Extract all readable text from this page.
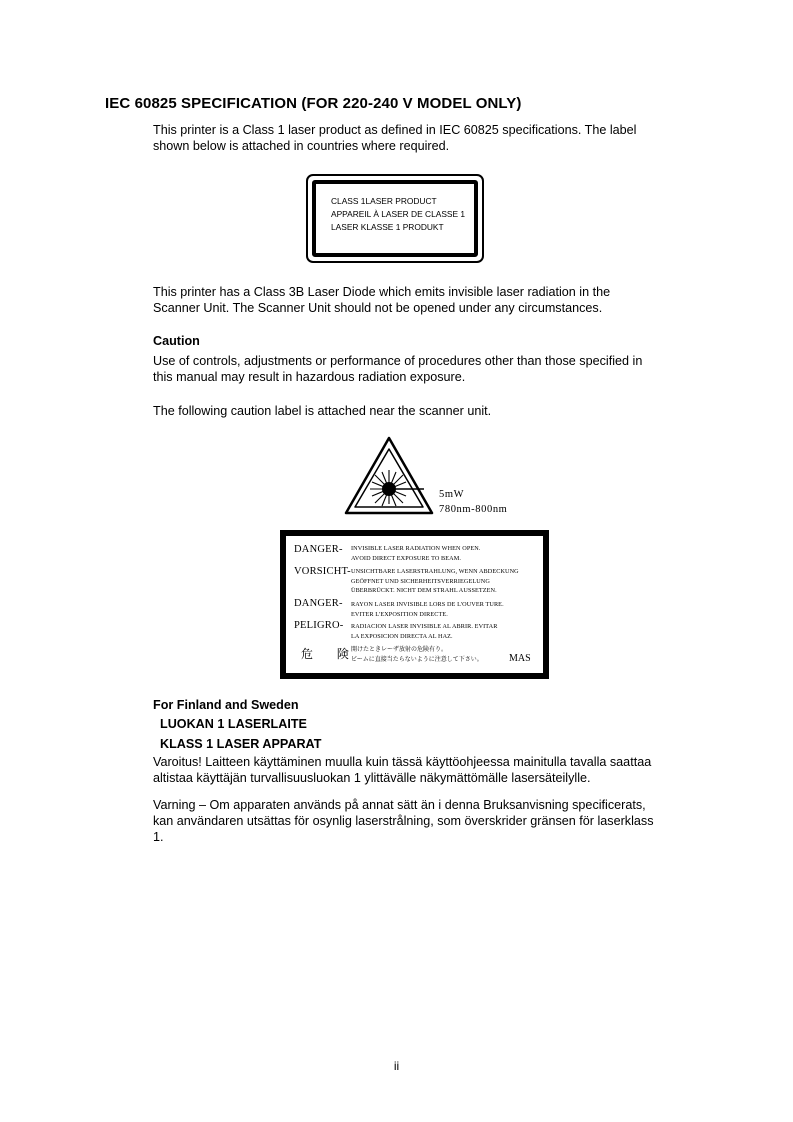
IEC 60825 SPECIFICATION (FOR 220-240 V MODEL ONLY)
This printer is a Class 1 laser product as defined in IEC 60825 specifications. The label
shown below is attached in countries where required.
CLASS 1LASER PRODUCT
APPAREIL À LASER DE CLASSE 1
LASER KLASSE 1 PRODUKT
This printer has a Class 3B Laser Diode which emits invisible laser radiation in the
Scanner Unit. The Scanner Unit should not be opened under any circumstances.
Caution
Use of controls, adjustments or performance of procedures other than those specified in
this manual may result in hazardous radiation exposure.
The following caution label is attached near the scanner unit.
5mW
780nm-800nm
DANGER- INVISIBLE LASER RADIATION WHEN OPEN.
AVOID DIRECT EXPOSURE TO BEAM.
VORSICHT- UNSICHTBARE LASERSTRAHLUNG, WENN ABDECKUNG
GEÖFFNET UND SICHERHEITSVERRIEGELUNG
ÜBERBRÜCKT. NICHT DEM STRAHL AUSSETZEN.
DANGER- RAYON LASER INVISIBLE LORS DE L'OUVER TURE.
EVITER L'EXPOSITION DIRECTE.
PELIGRO- RADIACION LASER INVISIBLE AL ABRIR. EVITAR
LA EXPOSICION DIRECTA AL HAZ.
危 険
開けたときレーザ放射の危険有り。
ビームに直接当たらないように注意して下さい。	MAS
For Finland and Sweden
LUOKAN 1 LASERLAITE
KLASS 1 LASER APPARAT
Varoitus! Laitteen käyttäminen muulla kuin tässä käyttöohjeessa mainitulla tavalla saattaa
altistaa käyttäjän turvallisuusluokan 1 ylittävälle näkymättömälle lasersäteilylle.
Varning – Om apparaten används på annat sätt än i denna Bruksanvisning specificerats,
kan användaren utsättas för osynlig laserstrålning, som överskrider gränsen för laserklass
1.
ii
